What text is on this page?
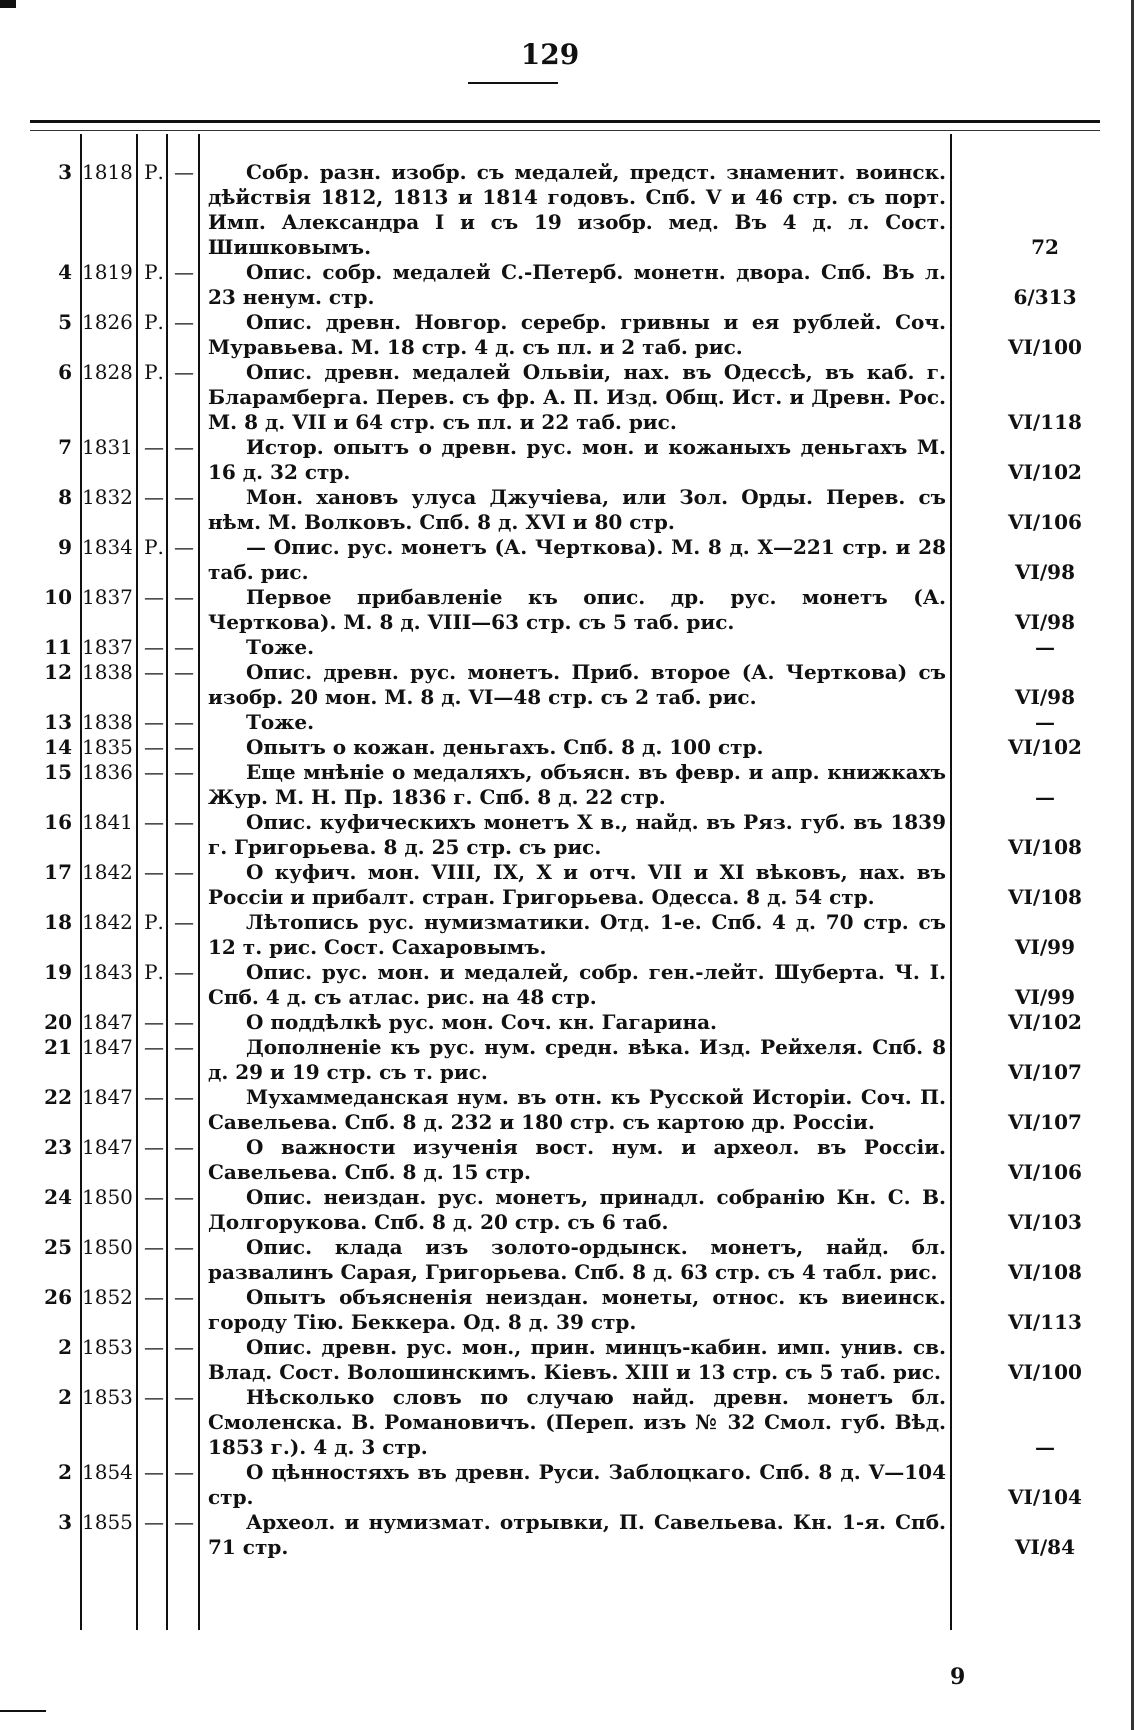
129
3 1818 Р. —	Собр. разн. изобр. съ медалей, предст. знаменит. воинск. дѣйствія 1812, 1813 и 1814 годовъ. Спб. V и 46 стр. съ порт. Имп. Александра I и съ 19 изобр. мед. Въ 4 д. л. Сост. Шишковымъ.	72
4 1819 Р. —	Опис. собр. медалей С.-Петерб. монетн. двора. Спб. Въ л. 23 ненум. стр.	6/313
5 1826 Р. —	Опис. древн. Новгор. серебр. гривны и ея рублей. Соч. Муравьева. М. 18 стр. 4 д. съ пл. и 2 таб. рис.	VI/100
6 1828 Р. —	Опис. древн. медалей Ольвіи, нах. въ Одессѣ, въ каб. г. Бларамберга. Перев. съ фр. А. П. Изд. Общ. Ист. и Древн. Рос. М. 8 д. VII и 64 стр. съ пл. и 22 таб. рис.	VI/118
7 1831 — —	Истор. опытъ о древн. рус. мон. и кожаныхъ деньгахъ М. 16 д. 32 стр.	VI/102
8 1832 — —	Мон. хановъ улуса Джучіева, или Зол. Орды. Перев. съ нѣм. М. Волковъ. Спб. 8 д. XVI и 80 стр.	VI/106
9 1834 Р. —	— Опис. рус. монетъ (А. Черткова). М. 8 д. X—221 стр. и 28 таб. рис.	VI/98
10 1837 — —	Первое прибавленіе къ опис. др. рус. монетъ (А. Черткова). М. 8 д. VIII—63 стр. съ 5 таб. рис.	VI/98
11 1837 — —	Тоже.	—
12 1838 — —	Опис. древн. рус. монетъ. Приб. второе (А. Черткова) съ изобр. 20 мон. М. 8 д. VI—48 стр. съ 2 таб. рис.	VI/98
13 1838 — —	Тоже.	—
14 1835 — —	Опытъ о кожан. деньгахъ. Спб. 8 д. 100 стр.	VI/102
15 1836 — —	Еще мнѣніе о медаляхъ, объясн. въ февр. и апр. книжкахъ Жур. М. Н. Пр. 1836 г. Спб. 8 д. 22 стр.	—
16 1841 — —	Опис. куфическихъ монетъ X в., найд. въ Ряз. губ. въ 1839 г. Григорьева. 8 д. 25 стр. съ рис.	VI/108
17 1842 — —	О куфич. мон. VIII, IX, X и отч. VII и XI вѣковъ, нах. въ Россіи и прибалт. стран. Григорьева. Одесса. 8 д. 54 стр.	VI/108
18 1842 Р. —	Лѣтопись рус. нумизматики. Отд. 1-е. Спб. 4 д. 70 стр. съ 12 т. рис. Сост. Сахаровымъ.	VI/99
19 1843 Р. —	Опис. рус. мон. и медалей, собр. ген.-лейт. Шуберта. Ч. I. Спб. 4 д. съ атлас. рис. на 48 стр.	VI/99
20 1847 — —	О поддѣлкѣ рус. мон. Соч. кн. Гагарина.	VI/102
21 1847 — —	Дополненіе къ рус. нум. средн. вѣка. Изд. Рейхеля. Спб. 8 д. 29 и 19 стр. съ т. рис.	VI/107
22 1847 — —	Мухаммеданская нум. въ отн. къ Русской Исторіи. Соч. П. Савельева. Спб. 8 д. 232 и 180 стр. съ картою др. Россіи.	VI/107
23 1847 — —	О важности изученія вост. нум. и археол. въ Россіи. Савельева. Спб. 8 д. 15 стр.	VI/106
24 1850 — —	Опис. неиздан. рус. монетъ, принадл. собранію Кн. С. В. Долгорукова. Спб. 8 д. 20 стр. съ 6 таб.	VI/103
25 1850 — —	Опис. клада изъ золото-ордынск. монетъ, найд. бл. развалинъ Сарая, Григорьева. Спб. 8 д. 63 стр. съ 4 табл. рис.	VI/108
26 1852 — —	Опытъ объясненія неиздан. монеты, относ. къ виеинск. городу Тію. Беккера. Од. 8 д. 39 стр.	VI/113
2 1853 — —	Опис. древн. рус. мон., прин. минцъ-кабин. имп. унив. св. Влад. Сост. Волошинскимъ. Кіевъ. XIII и 13 стр. съ 5 таб. рис.	VI/100
2 1853 — —	Нѣсколько словъ по случаю найд. древн. монетъ бл. Смоленска. В. Романовичъ. (Переп. изъ № 32 Смол. губ. Вѣд. 1853 г.). 4 д. 3 стр.	—
2 1854 — —	О цѣнностяхъ въ древн. Руси. Заблоцкаго. Спб. 8 д. V—104 стр.	VI/104
3 1855 — —	Археол. и нумизмат. отрывки, П. Савельева. Кн. 1-я. Спб. 71 стр.	VI/84
9
